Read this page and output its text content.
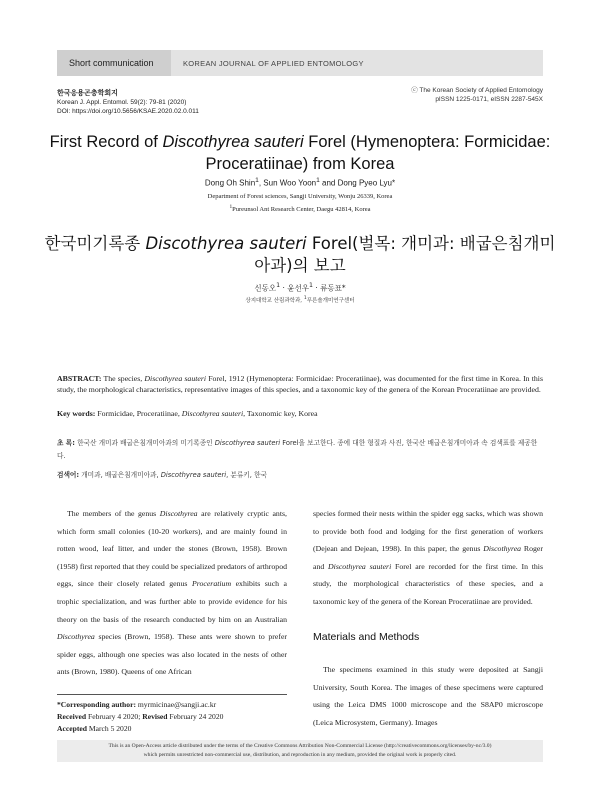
Short communication	KOREAN JOURNAL OF APPLIED ENTOMOLOGY
한국응용곤충학회지
Korean J. Appl. Entomol. 59(2): 79-81 (2020)
DOI: https://doi.org/10.5656/KSAE.2020.02.0.011
ⓒ The Korean Society of Applied Entomology
pISSN 1225-0171, eISSN 2287-545X
First Record of Discothyrea sauteri Forel (Hymenoptera: Formicidae: Proceratiinae) from Korea
Dong Oh Shin$^1$, Sun Woo Yoon$^1$ and Dong Pyeo Lyu*
Department of Forest sciences, Sangji University, Wonju 26339, Korea
$^1$Pureunsol Ant Research Center, Daegu 42814, Korea
한국미기록종 Discothyrea sauteri Forel(벌목: 개미과: 배굽은침개미아과)의 보고
신동오$^1$ · 윤선우$^1$ · 류동표*
상지대학교 산림과학과, $^1$푸른솔개미연구센터
ABSTRACT: The species, Discothyrea sauteri Forel, 1912 (Hymenoptera: Formicidae: Proceratiinae), was documented for the first time in Korea. In this study, the morphological characteristics, representative images of this species, and a taxonomic key of the genera of the Korean Proceratiinae are provided.
Key words: Formicidae, Proceratiinae, Discothyrea sauteri, Taxonomic key, Korea
초 록: 한국산 개미과 배굽은침개미아과의 미기록종인 Discothyrea sauteri Forel을 보고한다. 종에 대한 형질과 사진, 한국산 배굽은침개미아과 속 검색표를 제공한다.
검색어: 개미과, 배굽은침개미아과, Discothyrea sauteri, 분류키, 한국
The members of the genus Discothyrea are relatively cryptic ants, which form small colonies (10-20 workers), and are mainly found in rotten wood, leaf litter, and under the stones (Brown, 1958). Brown (1958) first reported that they could be specialized predators of arthropod eggs, since their closely related genus Proceratium exhibits such a trophic specialization, and was further able to provide evidence for his theory on the basis of the research conducted by him on an Australian Discothyrea species (Brown, 1958). These ants were shown to prefer spider eggs, although one species was also located in the nests of other ants (Brown, 1980). Queens of one African
species formed their nests within the spider egg sacks, which was shown to provide both food and lodging for the first generation of workers (Dejean and Dejean, 1998). In this paper, the genus Discothyrea Roger and Discothyrea sauteri Forel are recorded for the first time. In this study, the morphological characteristics of these species, and a taxonomic key of the genera of the Korean Proceratiinae are provided.
Materials and Methods
The specimens examined in this study were deposited at Sangji University, South Korea. The images of these specimens were captured using the Leica DMS 1000 microscope and the S8AP0 microscope (Leica Microsystem, Germany). Images
*Corresponding author: myrmicinae@sangji.ac.kr
Received February 4 2020; Revised February 24 2020
Accepted March 5 2020
This is an Open-Access article distributed under the terms of the Creative Commons Attribution Non-Commercial License (http://creativecommons.org/licenses/by-nc/3.0)
which permits unrestricted non-commercial use, distribution, and reproduction in any medium, provided the original work is properly cited.
